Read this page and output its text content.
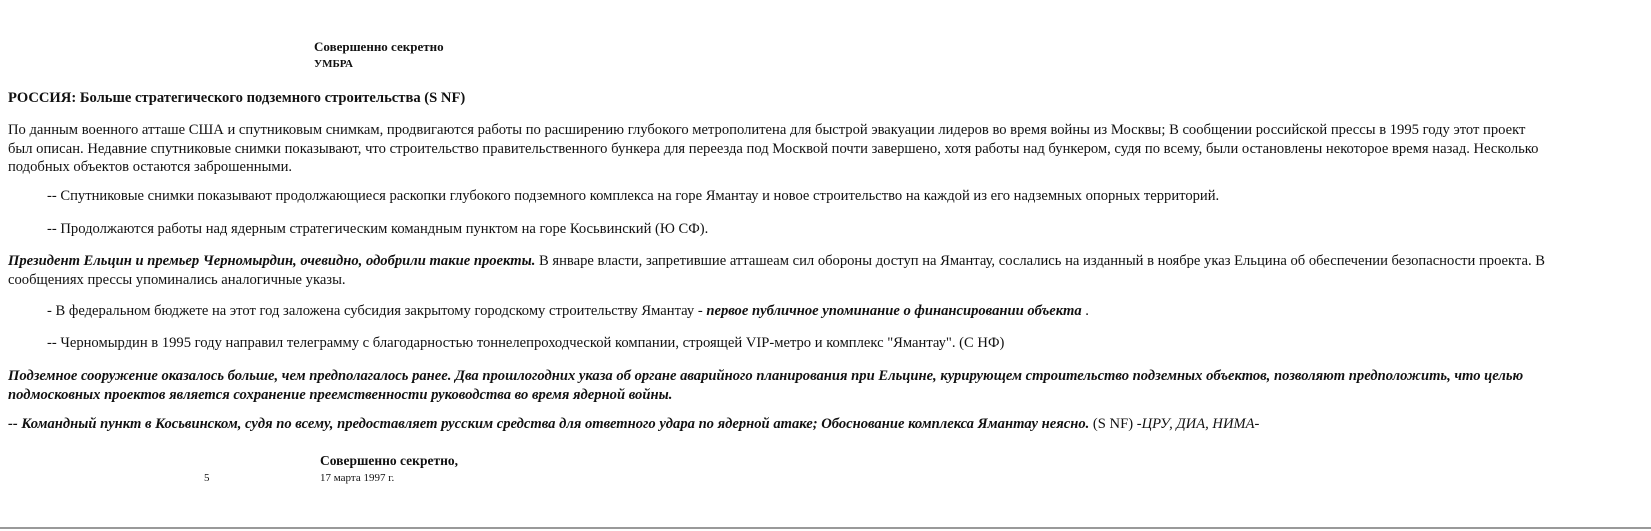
Совершенно секретно
УМБРА
РОССИЯ: Больше стратегического подземного строительства (S NF)
По данным военного атташе США и спутниковым снимкам, продвигаются работы по расширению глубокого метрополитена для быстрой эвакуации лидеров во время войны из Москвы; В сообщении российской прессы в 1995 году этот проект был описан. Недавние спутниковые снимки показывают, что строительство правительственного бункера для переезда под Москвой почти завершено, хотя работы над бункером, судя по всему, были остановлены некоторое время назад. Несколько подобных объектов остаются заброшенными.
-- Спутниковые снимки показывают продолжающиеся раскопки глубокого подземного комплекса на горе Ямантау и новое строительство на каждой из его надземных опорных территорий.
-- Продолжаются работы над ядерным стратегическим командным пунктом на горе Косьвинский (Ю СФ).
Президент Ельцин и премьер Черномырдин, очевидно, одобрили такие проекты. В январе власти, запретившие атташеам сил обороны доступ на Ямантау, сослались на изданный в ноябре указ Ельцина об обеспечении безопасности проекта. В сообщениях прессы упоминались аналогичные указы.
- В федеральном бюджете на этот год заложена субсидия закрытому городскому строительству Ямантау - первое публичное упоминание о финансировании объекта .
-- Черномырдин в 1995 году направил телеграмму с благодарностью тоннелепроходческой компании, строящей VIP-метро и комплекс "Ямантау". (С НФ)
Подземное сооружение оказалось больше, чем предполагалось ранее. Два прошлогодних указа об органе аварийного планирования при Ельцине, курирующем строительство подземных объектов, позволяют предположить, что целью подмосковных проектов является сохранение преемственности руководства во время ядерной войны.
-- Командный пункт в Косьвинском, судя по всему, предоставляет русским средства для ответного удара по ядерной атаке; Обоснование комплекса Ямантау неясно. (S NF) -ЦРУ, ДИА, НИМА-
Совершенно секретно,
5	17 марта 1997 г.
